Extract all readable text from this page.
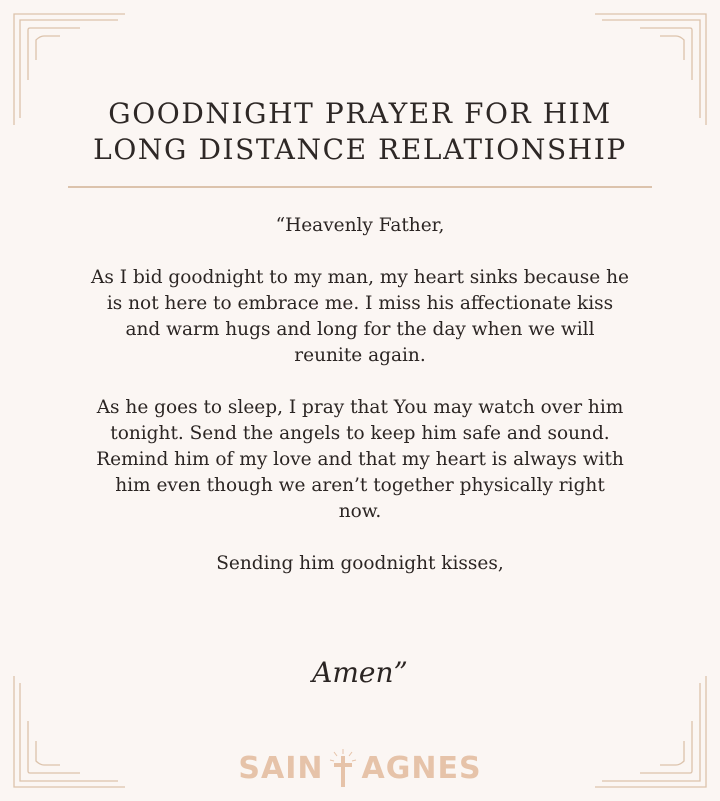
GOODNIGHT PRAYER FOR HIM
LONG DISTANCE RELATIONSHIP

“Heavenly Father,

As I bid goodnight to my man, my heart sinks because he

is not here to embrace me. I miss his affectionate kiss

and warm hugs and long for the day when we will

reunite again.

As he goes to sleep, I pray that You may watch over him

tonight. Send the angels to keep him safe and sound.

Remind him of my love and that my heart is always with

him even though we aren’t together physically right

now.

Sending him goodnight kisses,

Amen”
SAIN AGNES
